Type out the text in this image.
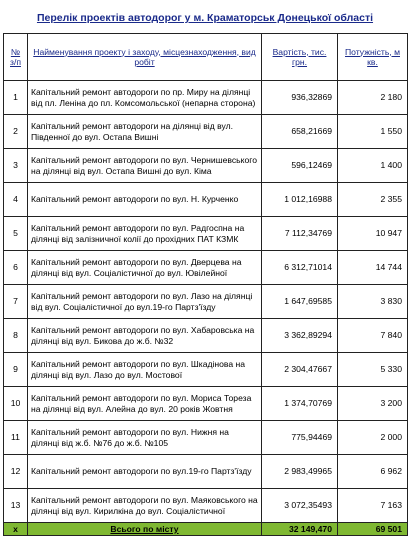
Перелік проектів автодорог у м. Краматорськ Донецької області
№ з/п	Найменування проекту і заходу, місцезнаходження, вид робіт	Вартість, тис. грн.	Потужність, м кв.
1	Капітальний ремонт автодороги по пр. Миру на ділянці від пл. Леніна до пл. Комсомольської (непарна сторона)	936,32869	2 180
2	Капітальний ремонт автодороги на ділянці від вул. Південної до вул. Остапа Вишні	658,21669	1 550
3	Капітальний ремонт автодороги по вул. Чернишевського на ділянці від вул. Остапа Вишні до вул. Кіма	596,12469	1 400
4	Капітальний ремонт автодороги по вул. Н. Курченко	1 012,16988	2 355
5	Капітальний ремонт автодороги по вул. Радгоспна на ділянці від залізничної колії до прохідних ПАТ КЗМК	7 112,34769	10 947
6	Капітальний ремонт автодороги по вул. Дверцева на ділянці від вул. Соціалістичної до вул. Ювілейної	6 312,71014	14 744
7	Капітальний ремонт автодороги по вул. Лазо на ділянці від вул. Соціалістичної до вул.19-го Партз'їзду	1 647,69585	3 830
8	Капітальний ремонт автодороги по вул. Хабаровська на ділянці від вул. Бикова до ж.б. №32	3 362,89294	7 840
9	Капітальний ремонт автодороги по вул. Шкадінова на ділянці від вул. Лазо до вул. Мостової	2 304,47667	5 330
10	Капітальний ремонт автодороги по вул. Мориса Тореза на ділянці від вул. Алейна до вул. 20 років Жовтня	1 374,70769	3 200
11	Капітальний ремонт автодороги по вул. Нижня на ділянці від ж.б. №76 до ж.б. №105	775,94469	2 000
12	Капітальний ремонт автодороги по вул.19-го Партз'їзду	2 983,49965	6 962
13	Капітальний ремонт автодороги по вул. Маяковського на ділянці від вул. Кирилкіна до вул. Соціалістичної	3 072,35493	7 163
х	Всього по місту	32 149,470	69 501
